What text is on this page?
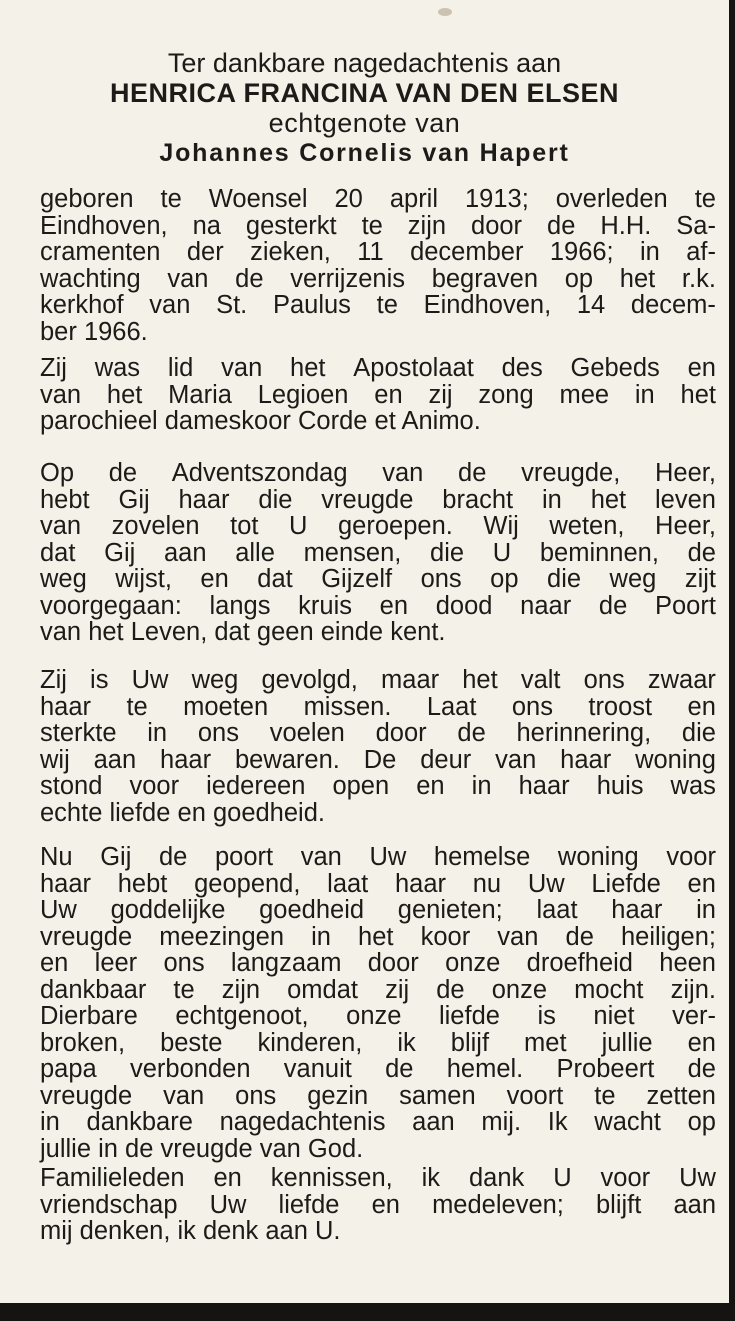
Ter dankbare nagedachtenis aan
HENRICA FRANCINA VAN DEN ELSEN
echtgenote van
Johannes Cornelis van Hapert
geboren te Woensel 20 april 1913; overleden te
Eindhoven, na gesterkt te zijn door de H.H. Sa-
cramenten der zieken, 11 december 1966; in af-
wachting van de verrijzenis begraven op het r.k.
kerkhof van St. Paulus te Eindhoven, 14 decem-
ber 1966.
Zij was lid van het Apostolaat des Gebeds en
van het Maria Legioen en zij zong mee in het
parochieel dameskoor Corde et Animo.
Op de Adventszondag van de vreugde, Heer,
hebt Gij haar die vreugde bracht in het leven
van zovelen tot U geroepen. Wij weten, Heer,
dat Gij aan alle mensen, die U beminnen, de
weg wijst, en dat Gijzelf ons op die weg zijt
voorgegaan: langs kruis en dood naar de Poort
van het Leven, dat geen einde kent.
Zij is Uw weg gevolgd, maar het valt ons zwaar
haar te moeten missen. Laat ons troost en
sterkte in ons voelen door de herinnering, die
wij aan haar bewaren. De deur van haar woning
stond voor iedereen open en in haar huis was
echte liefde en goedheid.
Nu Gij de poort van Uw hemelse woning voor
haar hebt geopend, laat haar nu Uw Liefde en
Uw goddelijke goedheid genieten; laat haar in
vreugde meezingen in het koor van de heiligen;
en leer ons langzaam door onze droefheid heen
dankbaar te zijn omdat zij de onze mocht zijn.
Dierbare echtgenoot, onze liefde is niet ver-
broken, beste kinderen, ik blijf met jullie en
papa verbonden vanuit de hemel. Probeert de
vreugde van ons gezin samen voort te zetten
in dankbare nagedachtenis aan mij. Ik wacht op
jullie in de vreugde van God.
Familieleden en kennissen, ik dank U voor Uw
vriendschap Uw liefde en medeleven; blijft aan
mij denken, ik denk aan U.
